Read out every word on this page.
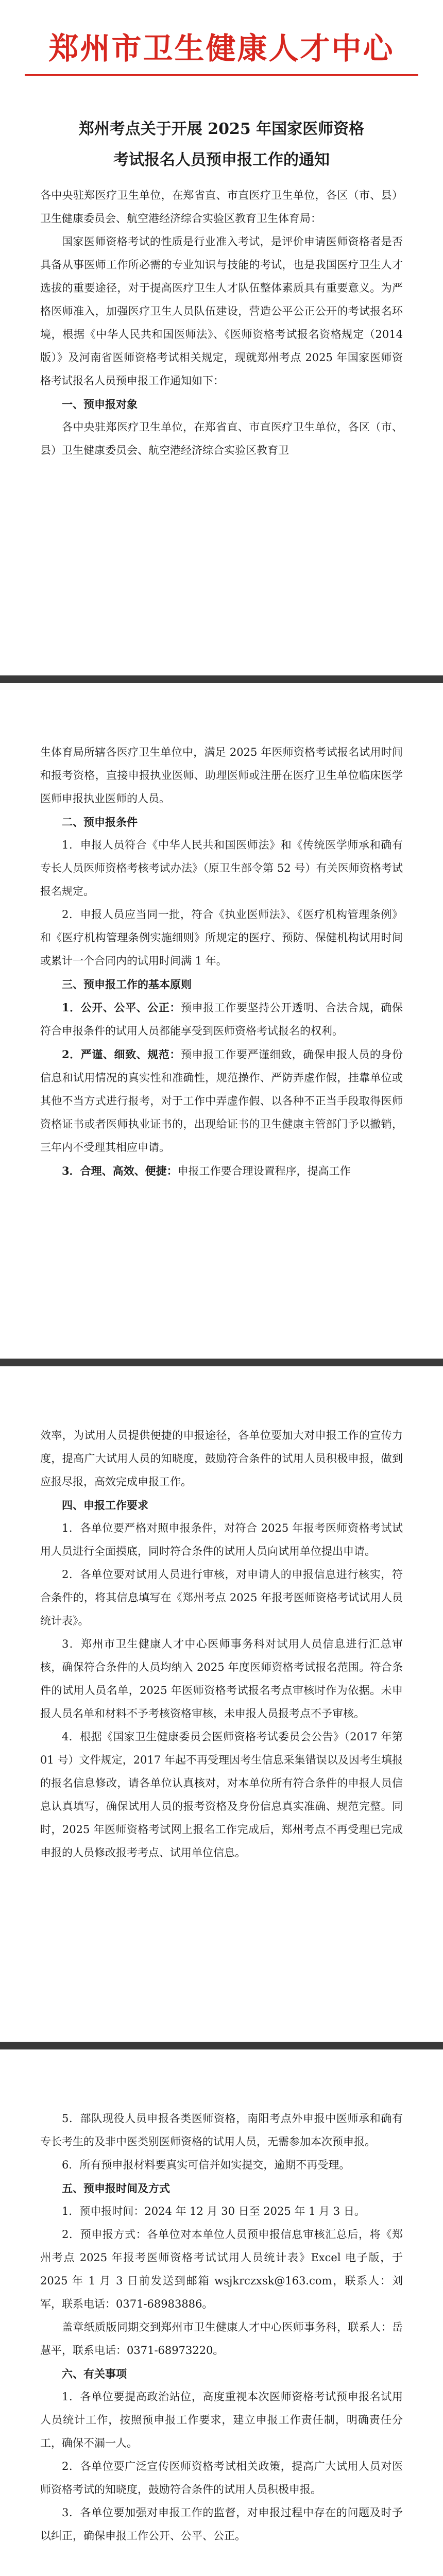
郑州市卫生健康人才中心
郑州考点关于开展 2025 年国家医师资格
考试报名人员预申报工作的通知

各中央驻郑医疗卫生单位，在郑省直、市直医疗卫生单位，各区（市、县）卫生健康委员会、航空港经济综合实验区教育卫生体育局：

国家医师资格考试的性质是行业准入考试，是评价申请医师资格者是否具备从事医师工作所必需的专业知识与技能的考试，也是我国医疗卫生人才选拔的重要途径，对于提高医疗卫生人才队伍整体素质具有重要意义。为严格医师准入，加强医疗卫生人员队伍建设，营造公平公正公开的考试报名环境，根据《中华人民共和国医师法》、《医师资格考试报名资格规定（2014 版）》及河南省医师资格考试相关规定，现就郑州考点 2025 年国家医师资格考试报名人员预申报工作通知如下：

一、预申报对象

各中央驻郑医疗卫生单位，在郑省直、市直医疗卫生单位，各区（市、县）卫生健康委员会、航空港经济综合实验区教育卫

生体育局所辖各医疗卫生单位中，满足 2025 年医师资格考试报名试用时间和报考资格，直接申报执业医师、助理医师或注册在医疗卫生单位临床医学医师申报执业医师的人员。

二、预申报条件

1．申报人员符合《中华人民共和国医师法》和《传统医学师承和确有专长人员医师资格考核考试办法》（原卫生部令第 52 号）有关医师资格考试报名规定。

2．申报人员应当同一批，符合《执业医师法》、《医疗机构管理条例》和《医疗机构管理条例实施细则》所规定的医疗、预防、保健机构试用时间或累计一个合同内的试用时间满 1 年。

三、预申报工作的基本原则

1．公开、公平、公正：预申报工作要坚持公开透明、合法合规，确保符合申报条件的试用人员都能享受到医师资格考试报名的权利。

2．严谨、细致、规范：预申报工作要严谨细致，确保申报人员的身份信息和试用情况的真实性和准确性，规范操作、严防弄虚作假，挂靠单位或其他不当方式进行报考，对于工作中弄虚作假、以各种不正当手段取得医师资格证书或者医师执业证书的，出现给证书的卫生健康主管部门予以撤销，三年内不受理其相应申请。

3．合理、高效、便捷：申报工作要合理设置程序，提高工作

效率，为试用人员提供便捷的申报途径，各单位要加大对申报工作的宣传力度，提高广大试用人员的知晓度，鼓励符合条件的试用人员积极申报，做到应报尽报，高效完成申报工作。

四、申报工作要求

1．各单位要严格对照申报条件，对符合 2025 年报考医师资格考试试用人员进行全面摸底，同时符合条件的试用人员向试用单位提出申请。

2．各单位要对试用人员进行审核，对申请人的申报信息进行核实，符合条件的，将其信息填写在《郑州考点 2025 年报考医师资格考试试用人员统计表》。

3．郑州市卫生健康人才中心医师事务科对试用人员信息进行汇总审核，确保符合条件的人员均纳入 2025 年度医师资格考试报名范围。符合条件的试用人员名单，2025 年医师资格考试报名考点审核时作为依据。未申报人员名单和材料不予考核资格审核，未申报人员报考点不予审核。

4．根据《国家卫生健康委员会医师资格考试委员会公告》（2017 年第 01 号）文件规定，2017 年起不再受理因考生信息采集错误以及因考生填报的报名信息修改，请各单位认真核对，对本单位所有符合条件的申报人员信息认真填写，确保试用人员的报考资格及身份信息真实准确、规范完整。同时，2025 年医师资格考试网上报名工作完成后，郑州考点不再受理已完成申报的人员修改报考考点、试用单位信息。

5．部队现役人员申报各类医师资格，南阳考点外申报中医师承和确有专长考生的及非中医类别医师资格的试用人员，无需参加本次预申报。

6．所有预申报材料要真实可信并如实提交，逾期不再受理。

五、预申报时间及方式

1．预申报时间：2024 年 12 月 30 日至 2025 年 1 月 3 日。

2．预申报方式：各单位对本单位人员预申报信息审核汇总后，将《郑州考点 2025 年报考医师资格考试试用人员统计表》Excel 电子版，于 2025 年 1 月 3 日前发送到邮箱 wsjkrczxsk@163.com，联系人：刘军，联系电话：0371-68983886。

盖章纸质版同期交到郑州市卫生健康人才中心医师事务科，联系人：岳慧平，联系电话：0371-68973220。

六、有关事项

1．各单位要提高政治站位，高度重视本次医师资格考试预申报名试用人员统计工作，按照预申报工作要求，建立申报工作责任制，明确责任分工，确保不漏一人。

2．各单位要广泛宣传医师资格考试相关政策，提高广大试用人员对医师资格考试的知晓度，鼓励符合条件的试用人员积极申报。

3．各单位要加强对申报工作的监督，对申报过程中存在的问题及时予以纠正，确保申报工作公开、公平、公正。
